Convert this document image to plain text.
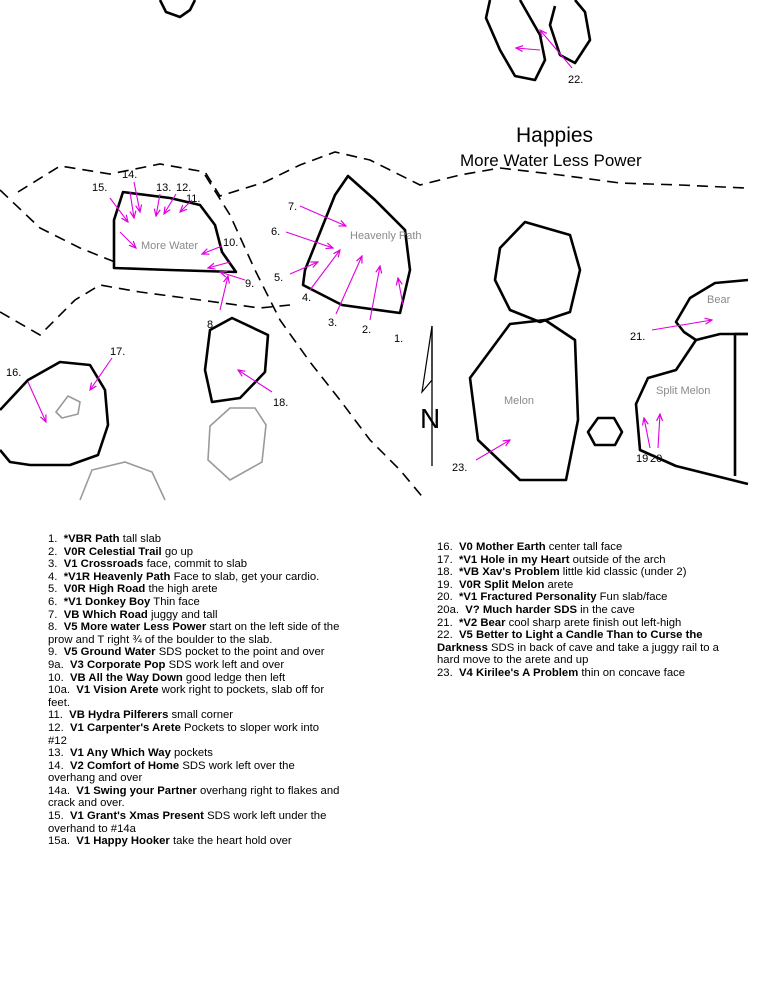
N
Happies
More Water Less Power
More Water
Heavenly Path
Melon
Split Melon
Bear
1.
2.
3.
4.
5.
6.
7.
8.
9.
10.
11.
12.
13.
14.
15.
16.
17.
18.
19 20.
21.
22.
23.

1. *VBR Path tall slab

2. V0R Celestial Trail go up

3. V1 Crossroads face, commit to slab

4. *V1R Heavenly Path Face to slab, get your cardio.

5. V0R High Road the high arete

6. *V1 Donkey Boy Thin face

7. VB Which Road juggy and tall

8. V5 More water Less Power start on the left side of the prow and T right ¾ of the boulder to the slab.

9. V5 Ground Water SDS pocket to the point and over

9a. V3 Corporate Pop SDS work left and over

10. VB All the Way Down good ledge then left

10a. V1 Vision Arete work right to pockets, slab off for feet.

11. VB Hydra Pilferers small corner

12. V1 Carpenter's Arete Pockets to sloper work into #12

13. V1 Any Which Way pockets

14. V2 Comfort of Home SDS work left over the overhang and over

14a. V1 Swing your Partner overhang right to flakes and crack and over.

15. V1 Grant's Xmas Present SDS work left under the overhand to #14a

15a. V1 Happy Hooker take the heart hold over

16. V0 Mother Earth center tall face

17. *V1 Hole in my Heart outside of the arch

18. *VB Xav's Problem little kid classic (under 2)

19. V0R Split Melon arete

20. *V1 Fractured Personality Fun slab/face

20a. V? Much harder SDS in the cave

21. *V2 Bear cool sharp arete finish out left-high

22. V5 Better to Light a Candle Than to Curse the Darkness SDS in back of cave and take a juggy rail to a hard move to the arete and up

23. V4 Kirilee's A Problem thin on concave face
